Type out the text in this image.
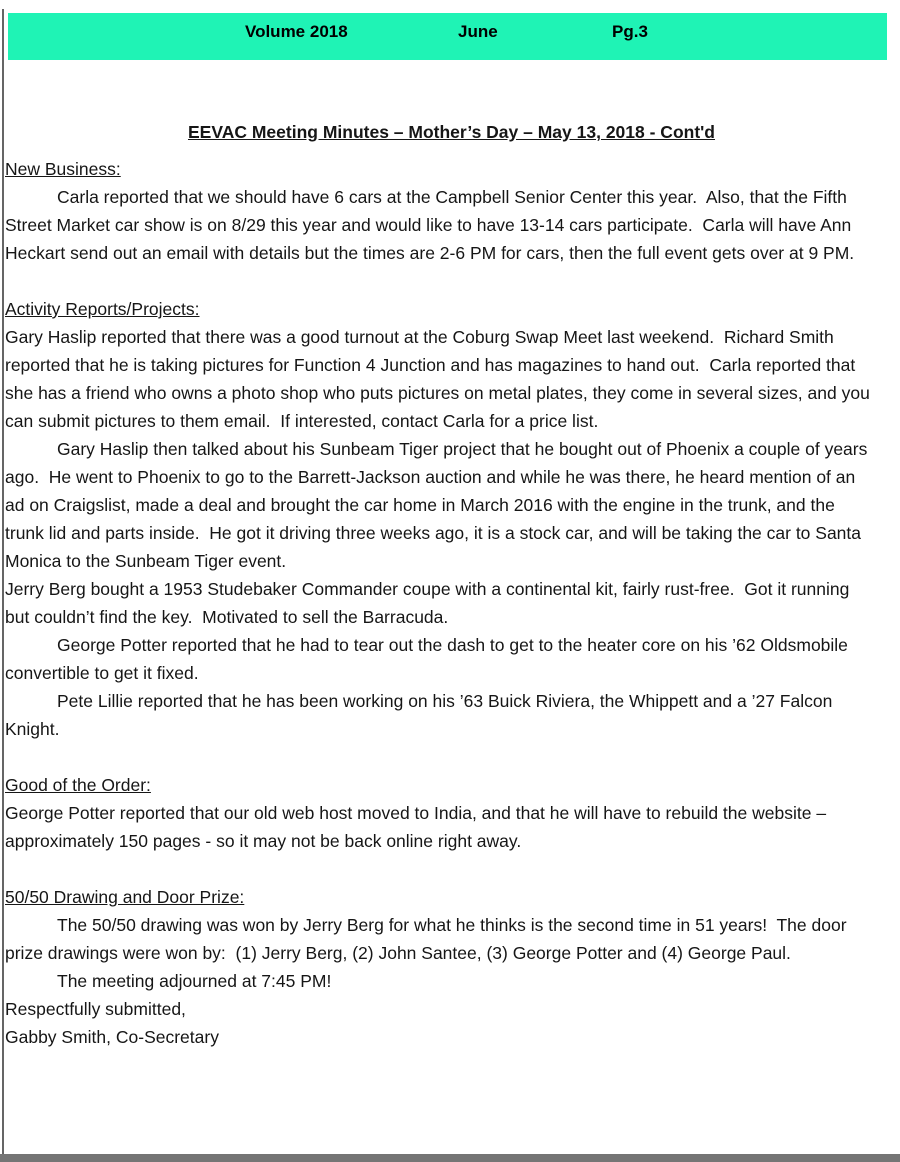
Volume 2018	June	Pg.3
EEVAC Meeting Minutes – Mother’s Day – May 13, 2018 - Cont'd
New Business:
Carla reported that we should have 6 cars at the Campbell Senior Center this year.  Also, that the Fifth
Street Market car show is on 8/29 this year and would like to have 13-14 cars participate.  Carla will have Ann
Heckart send out an email with details but the times are 2-6 PM for cars, then the full event gets over at 9 PM.

Activity Reports/Projects:
Gary Haslip reported that there was a good turnout at the Coburg Swap Meet last weekend.  Richard Smith
reported that he is taking pictures for Function 4 Junction and has magazines to hand out.  Carla reported that
she has a friend who owns a photo shop who puts pictures on metal plates, they come in several sizes, and you
can submit pictures to them email.  If interested, contact Carla for a price list.
Gary Haslip then talked about his Sunbeam Tiger project that he bought out of Phoenix a couple of years
ago.  He went to Phoenix to go to the Barrett-Jackson auction and while he was there, he heard mention of an
ad on Craigslist, made a deal and brought the car home in March 2016 with the engine in the trunk, and the
trunk lid and parts inside.  He got it driving three weeks ago, it is a stock car, and will be taking the car to Santa
Monica to the Sunbeam Tiger event.
Jerry Berg bought a 1953 Studebaker Commander coupe with a continental kit, fairly rust-free.  Got it running
but couldn’t find the key.  Motivated to sell the Barracuda.
George Potter reported that he had to tear out the dash to get to the heater core on his ’62 Oldsmobile
convertible to get it fixed.
Pete Lillie reported that he has been working on his ’63 Buick Riviera, the Whippett and a ’27 Falcon
Knight.

Good of the Order:
George Potter reported that our old web host moved to India, and that he will have to rebuild the website –
approximately 150 pages - so it may not be back online right away.

50/50 Drawing and Door Prize:
The 50/50 drawing was won by Jerry Berg for what he thinks is the second time in 51 years!  The door
prize drawings were won by:  (1) Jerry Berg, (2) John Santee, (3) George Potter and (4) George Paul.
The meeting adjourned at 7:45 PM!
Respectfully submitted,
Gabby Smith, Co-Secretary
